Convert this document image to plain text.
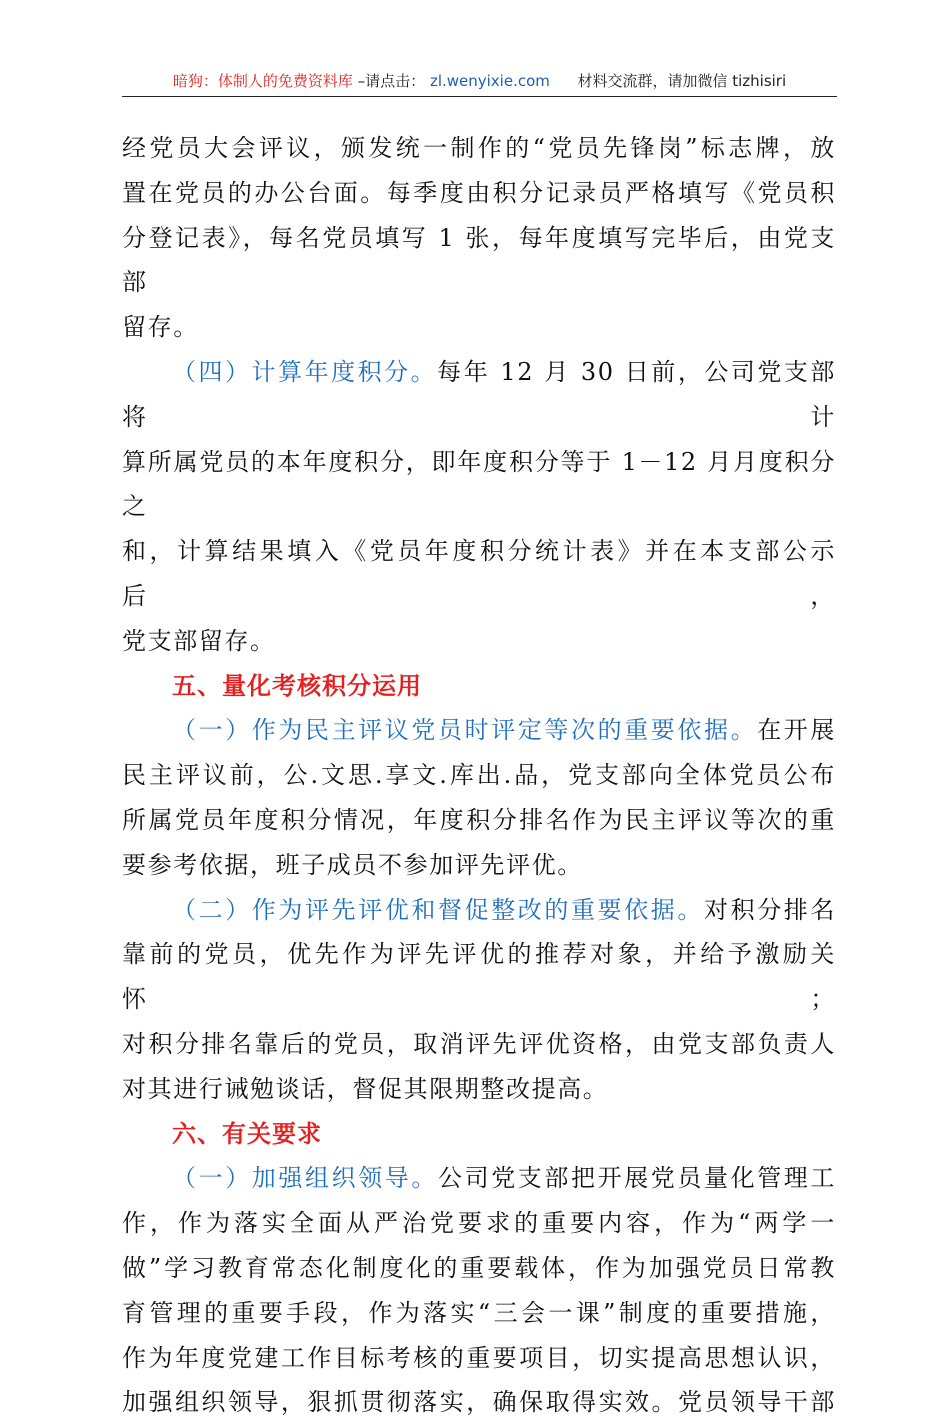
暗狗：体制人的免费资料库 –请点击： zl.wenyixie.com 材料交流群，请加微信 tizhisiri

经党员大会评议，颁发统一制作的“党员先锋岗”标志牌，放

置在党员的办公台面。每季度由积分记录员严格填写《党员积

分登记表》，每名党员填写 1 张，每年度填写完毕后，由党支部

留存。

（四）计算年度积分。每年 12 月 30 日前，公司党支部将计

算所属党员的本年度积分，即年度积分等于 1－12 月月度积分之

和，计算结果填入《党员年度积分统计表》并在本支部公示后，

党支部留存。

五、量化考核积分运用

（一）作为民主评议党员时评定等次的重要依据。在开展

民主评议前，公.文思.享文.库出.品，党支部向全体党员公布

所属党员年度积分情况，年度积分排名作为民主评议等次的重

要参考依据，班子成员不参加评先评优。

（二）作为评先评优和督促整改的重要依据。对积分排名

靠前的党员，优先作为评先评优的推荐对象，并给予激励关怀；

对积分排名靠后的党员，取消评先评优资格，由党支部负责人

对其进行诫勉谈话，督促其限期整改提高。

六、有关要求

（一）加强组织领导。公司党支部把开展党员量化管理工

作，作为落实全面从严治党要求的重要内容，作为“两学一

做”学习教育常态化制度化的重要载体，作为加强党员日常教

育管理的重要手段，作为落实“三会一课”制度的重要措施，

作为年度党建工作目标考核的重要项目，切实提高思想认识，

加强组织领导，狠抓贯彻落实，确保取得实效。党员领导干部
